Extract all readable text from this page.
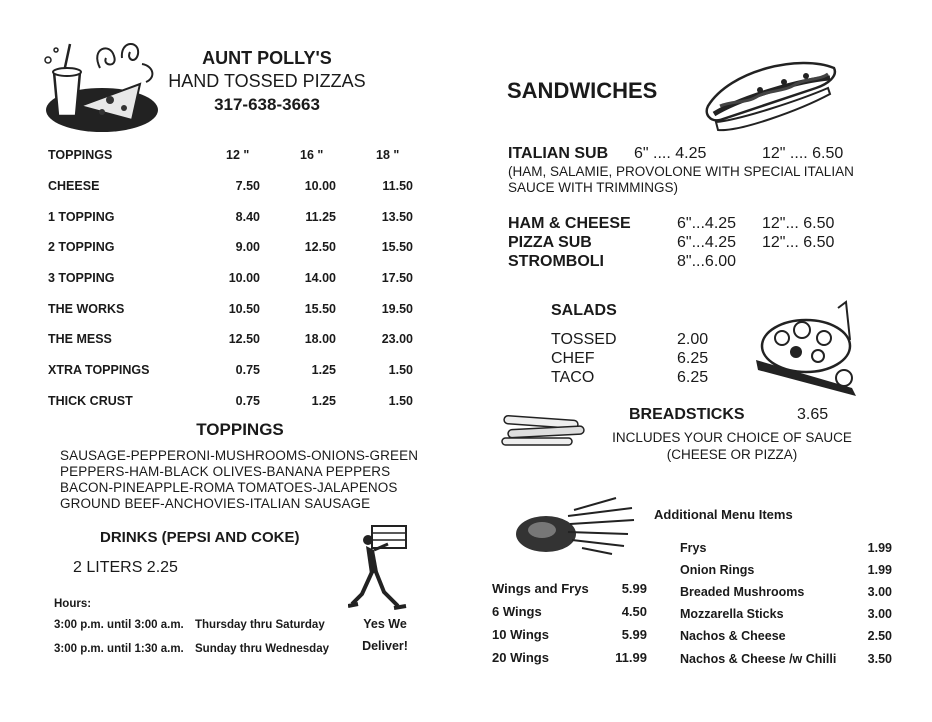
AUNT POLLY'S
HAND TOSSED PIZZAS
317-638-3663
TOPPINGS	12 "	16 "	18 "
CHEESE	7.50	10.00	11.50
1 TOPPING	8.40	11.25	13.50
2 TOPPING	9.00	12.50	15.50
3 TOPPING	10.00	14.00	17.50
THE WORKS	10.50	15.50	19.50
THE MESS	12.50	18.00	23.00
XTRA TOPPINGS	0.75	1.25	1.50
THICK CRUST	0.75	1.25	1.50
TOPPINGS
SAUSAGE-PEPPERONI-MUSHROOMS-ONIONS-GREEN
PEPPERS-HAM-BLACK OLIVES-BANANA PEPPERS
BACON-PINEAPPLE-ROMA TOMATOES-JALAPENOS
GROUND BEEF-ANCHOVIES-ITALIAN SAUSAGE
DRINKS (PEPSI AND COKE)
2 LITERS 2.25
Hours:
3:00 p.m. until 3:00 a.m. Thursday thru Saturday
3:00 p.m. until 1:30 a.m. Sunday thru Wednesday
Yes We
Deliver!
SANDWICHES
ITALIAN SUB 6" .... 4.25	12" .... 6.50
(HAM, SALAMIE, PROVOLONE WITH SPECIAL ITALIAN
SAUCE WITH TRIMMINGS)
HAM & CHEESE	6"...4.25 12"... 6.50
PIZZA SUB	6"...4.25 12"... 6.50
STROMBOLI	8"...6.00
SALADS
TOSSED	2.00
CHEF	6.25
TACO	6.25
BREADSTICKS	3.65
INCLUDES YOUR CHOICE OF SAUCE
(CHEESE OR PIZZA)
Additional Menu Items
Frys	1.99
Onion Rings	1.99
Breaded Mushrooms	3.00
Mozzarella Sticks	3.00
Nachos & Cheese	2.50
Nachos & Cheese /w Chilli	3.50
Wings and Frys	5.99
6 Wings	4.50
10 Wings	5.99
20 Wings	11.99
